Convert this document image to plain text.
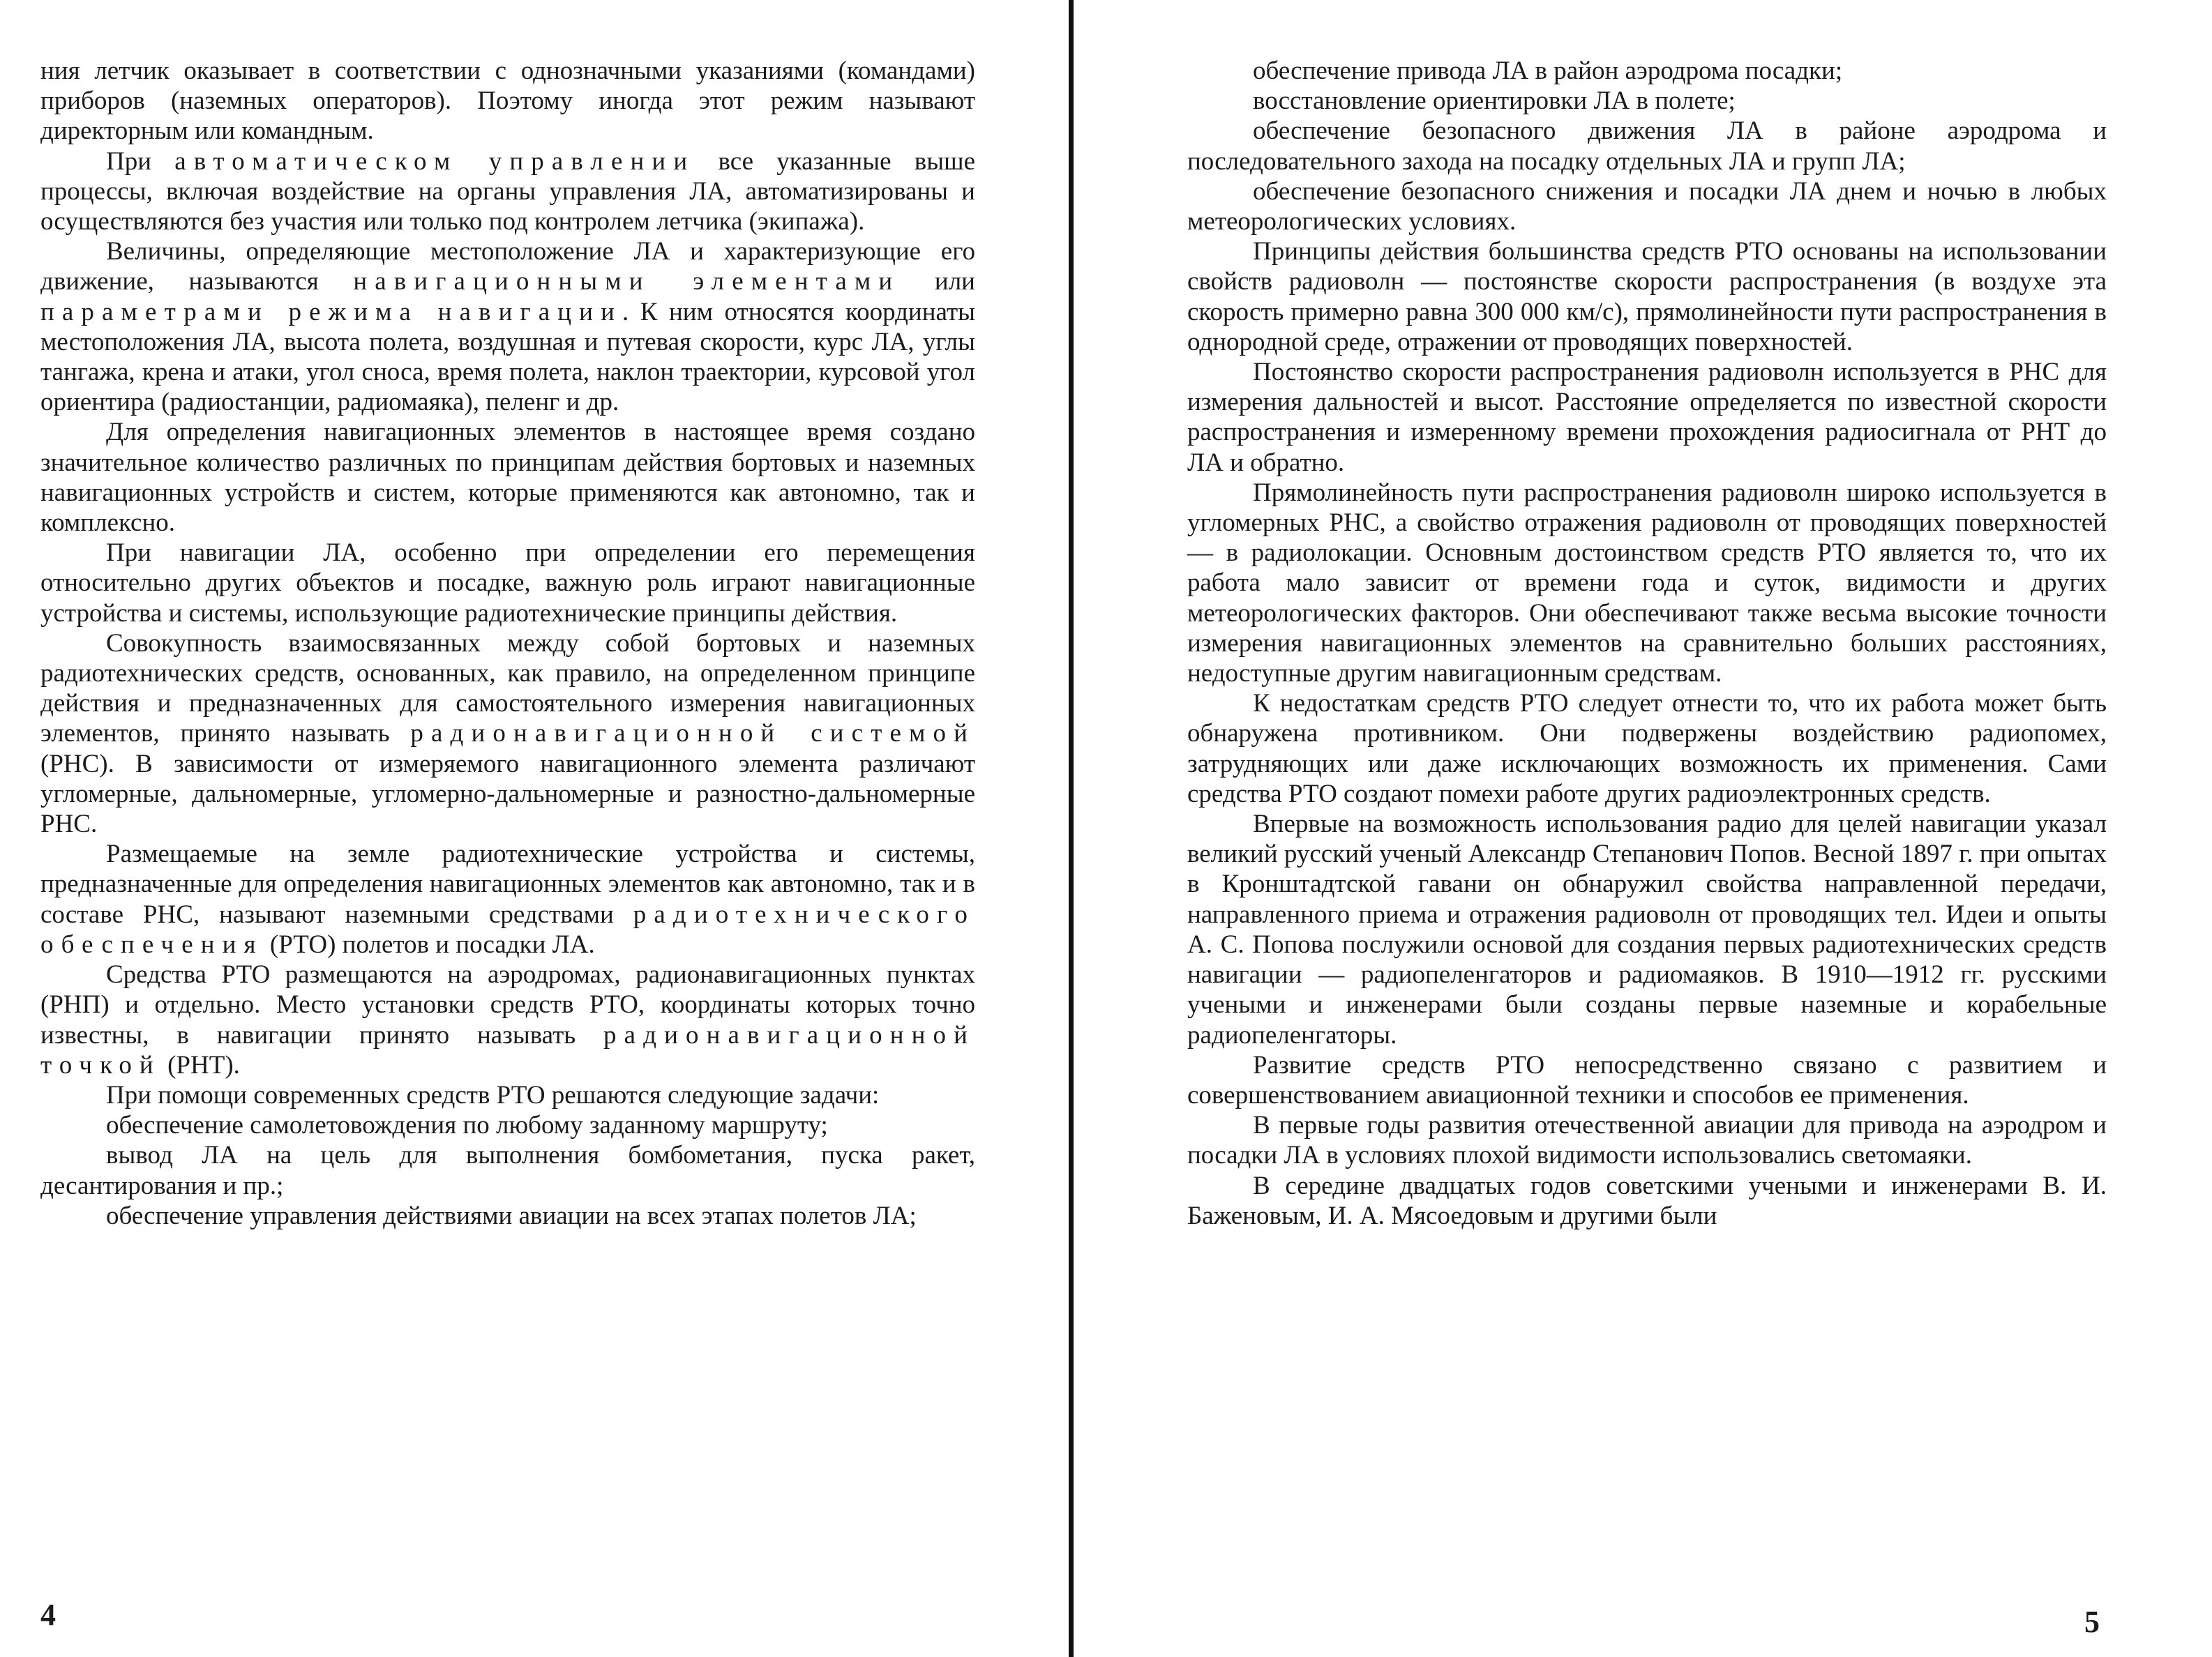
ния летчик оказывает в соответствии с однозначными указаниями (командами) приборов (наземных операторов). Поэтому иногда этот режим называют директорным или командным.

При автоматическом управлении все указанные выше процессы, включая воздействие на органы управления ЛА, автоматизированы и осуществляются без участия или только под контролем летчика (экипажа).

Величины, определяющие местоположение ЛА и характеризующие его движение, называются навигационными элементами или параметрами режима навигации. К ним относятся координаты местоположения ЛА, высота полета, воздушная и путевая скорости, курс ЛА, углы тангажа, крена и атаки, угол сноса, время полета, наклон траектории, курсовой угол ориентира (радиостанции, радиомаяка), пеленг и др.

Для определения навигационных элементов в настоящее время создано значительное количество различных по принципам действия бортовых и наземных навигационных устройств и систем, которые применяются как автономно, так и комплексно.

При навигации ЛА, особенно при определении его перемещения относительно других объектов и посадке, важную роль играют навигационные устройства и системы, использующие радиотехнические принципы действия.

Совокупность взаимосвязанных между собой бортовых и наземных радиотехнических средств, основанных, как правило, на определенном принципе действия и предназначенных для самостоятельного измерения навигационных элементов, принято называть радионавигационной системой (РНС). В зависимости от измеряемого навигационного элемента различают угломерные, дальномерные, угломерно-дальномерные и разностно-дальномерные РНС.

Размещаемые на земле радиотехнические устройства и системы, предназначенные для определения навигационных элементов как автономно, так и в составе РНС, называют наземными средствами радиотехнического обеспечения (РТО) полетов и посадки ЛА.

Средства РТО размещаются на аэродромах, радионавигационных пунктах (РНП) и отдельно. Место установки средств РТО, координаты которых точно известны, в навигации принято называть радионавигационной точкой (РНТ).

При помощи современных средств РТО решаются следующие задачи:

обеспечение самолетовождения по любому заданному маршруту;

вывод ЛА на цель для выполнения бомбометания, пуска ракет, десантирования и пр.;

обеспечение управления действиями авиации на всех этапах полетов ЛА;

обеспечение привода ЛА в район аэродрома посадки;

восстановление ориентировки ЛА в полете;

обеспечение безопасного движения ЛА в районе аэродрома и последовательного захода на посадку отдельных ЛА и групп ЛА;

обеспечение безопасного снижения и посадки ЛА днем и ночью в любых метеорологических условиях.

Принципы действия большинства средств РТО основаны на использовании свойств радиоволн — постоянстве скорости распространения (в воздухе эта скорость примерно равна 300 000 км/с), прямолинейности пути распространения в однородной среде, отражении от проводящих поверхностей.

Постоянство скорости распространения радиоволн используется в РНС для измерения дальностей и высот. Расстояние определяется по известной скорости распространения и измеренному времени прохождения радиосигнала от РНТ до ЛА и обратно.

Прямолинейность пути распространения радиоволн широко используется в угломерных РНС, а свойство отражения радиоволн от проводящих поверхностей — в радиолокации. Основным достоинством средств РТО является то, что их работа мало зависит от времени года и суток, видимости и других метеорологических факторов. Они обеспечивают также весьма высокие точности измерения навигационных элементов на сравнительно больших расстояниях, недоступные другим навигационным средствам.

К недостаткам средств РТО следует отнести то, что их работа может быть обнаружена противником. Они подвержены воздействию радиопомех, затрудняющих или даже исключающих возможность их применения. Сами средства РТО создают помехи работе других радиоэлектронных средств.

Впервые на возможность использования радио для целей навигации указал великий русский ученый Александр Степанович Попов. Весной 1897 г. при опытах в Кронштадтской гавани он обнаружил свойства направленной передачи, направленного приема и отражения радиоволн от проводящих тел. Идеи и опыты А. С. Попова послужили основой для создания первых радиотехнических средств навигации — радиопеленгаторов и радиомаяков. В 1910—1912 гг. русскими учеными и инженерами были созданы первые наземные и корабельные радиопеленгаторы.

Развитие средств РТО непосредственно связано с развитием и совершенствованием авиационной техники и способов ее применения.

В первые годы развития отечественной авиации для привода на аэродром и посадки ЛА в условиях плохой видимости использовались светомаяки.

В середине двадцатых годов советскими учеными и инженерами В. И. Баженовым, И. А. Мясоедовым и другими были

4	5
